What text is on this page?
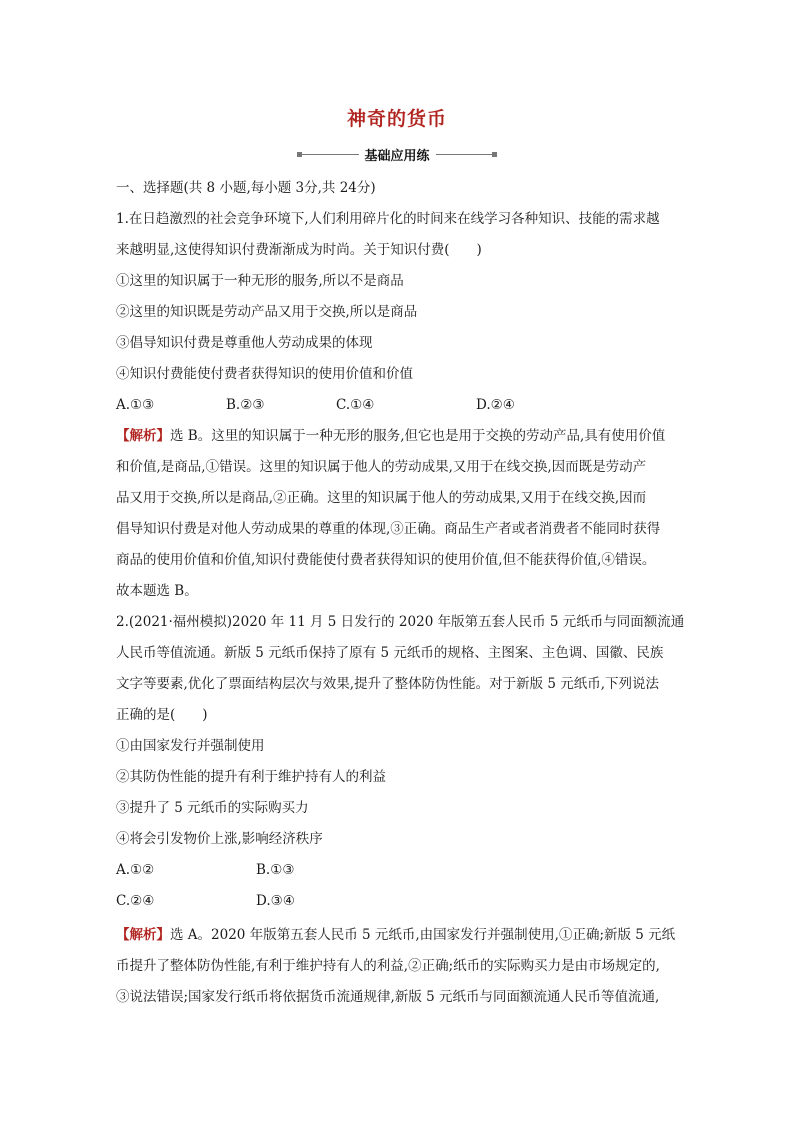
神奇的货币
基础应用练
一、选择题(共 8 小题,每小题 3分,共 24分)
1.在日趋激烈的社会竞争环境下,人们利用碎片化的时间来在线学习各种知识、技能的需求越
来越明显,这使得知识付费渐渐成为时尚。关于知识付费(　　)
①这里的知识属于一种无形的服务,所以不是商品
②这里的知识既是劳动产品又用于交换,所以是商品
③倡导知识付费是尊重他人劳动成果的体现
④知识付费能使付费者获得知识的使用价值和价值
A.①③	B.②③	C.①④	D.②④
【解析】选 B。这里的知识属于一种无形的服务,但它也是用于交换的劳动产品,具有使用价值
和价值,是商品,①错误。这里的知识属于他人的劳动成果,又用于在线交换,因而既是劳动产
品又用于交换,所以是商品,②正确。这里的知识属于他人的劳动成果,又用于在线交换,因而
倡导知识付费是对他人劳动成果的尊重的体现,③正确。商品生产者或者消费者不能同时获得
商品的使用价值和价值,知识付费能使付费者获得知识的使用价值,但不能获得价值,④错误。
故本题选 B。
2.(2021·福州模拟)2020 年 11 月 5 日发行的 2020 年版第五套人民币 5 元纸币与同面额流通
人民币等值流通。新版 5 元纸币保持了原有 5 元纸币的规格、主图案、主色调、国徽、民族
文字等要素,优化了票面结构层次与效果,提升了整体防伪性能。对于新版 5 元纸币,下列说法
正确的是(　　)
①由国家发行并强制使用
②其防伪性能的提升有利于维护持有人的利益
③提升了 5 元纸币的实际购买力
④将会引发物价上涨,影响经济秩序
A.①②	B.①③
C.②④	D.③④
【解析】选 A。2020 年版第五套人民币 5 元纸币,由国家发行并强制使用,①正确;新版 5 元纸
币提升了整体防伪性能,有利于维护持有人的利益,②正确;纸币的实际购买力是由市场规定的,
③说法错误;国家发行纸币将依据货币流通规律,新版 5 元纸币与同面额流通人民币等值流通,
